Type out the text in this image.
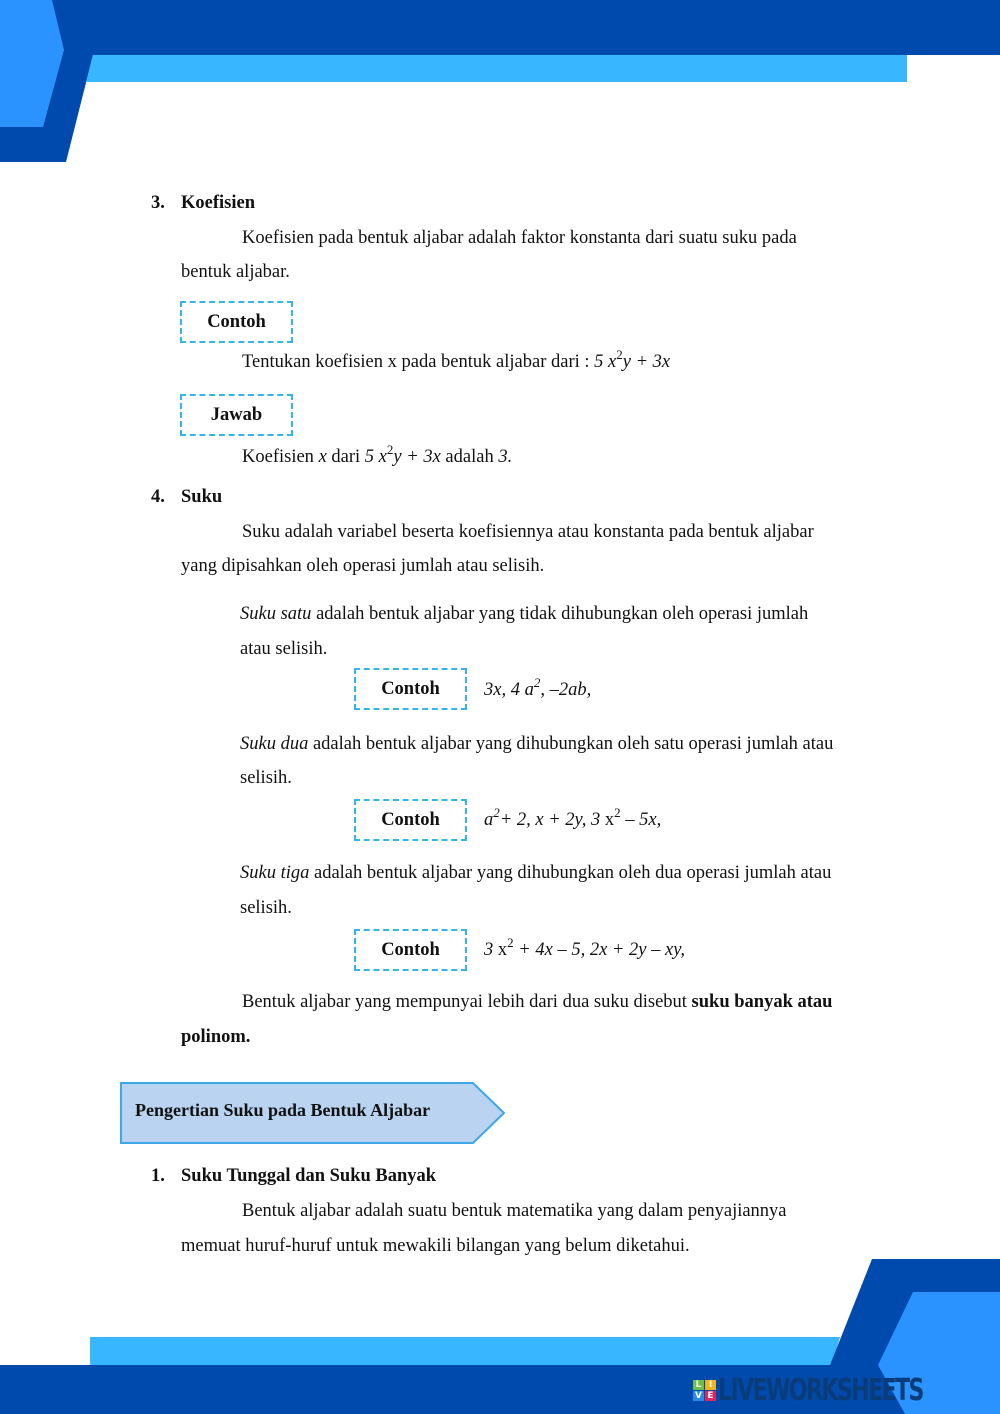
L I
V E LIVEWORKSHEETS
3. Koefisien
Koefisien pada bentuk aljabar adalah faktor konstanta dari suatu suku pada
bentuk aljabar.
Contoh
Tentukan koefisien x pada bentuk aljabar dari : 5 $x^2y + 3x$
Jawab
Koefisien x dari 5 $x^2y + 3x$ adalah 3.
4. Suku
Suku adalah variabel beserta koefisiennya atau konstanta pada bentuk aljabar
yang dipisahkan oleh operasi jumlah atau selisih.
Suku satu adalah bentuk aljabar yang tidak dihubungkan oleh operasi jumlah
atau selisih.
Contoh	3x, 4 $a^2$, –2ab,
Suku dua adalah bentuk aljabar yang dihubungkan oleh satu operasi jumlah atau
selisih.
Contoh	$a^2+ 2$, x + 2y, 3 $x^2 - 5x$,
Suku tiga adalah bentuk aljabar yang dihubungkan oleh dua operasi jumlah atau
selisih.
Contoh	3 $x^2 + 4x - 5$, 2x + 2y – xy,
Bentuk aljabar yang mempunyai lebih dari dua suku disebut suku banyak atau
polinom.
Pengertian Suku pada Bentuk Aljabar
1. Suku Tunggal dan Suku Banyak
Bentuk aljabar adalah suatu bentuk matematika yang dalam penyajiannya
memuat huruf-huruf untuk mewakili bilangan yang belum diketahui.
